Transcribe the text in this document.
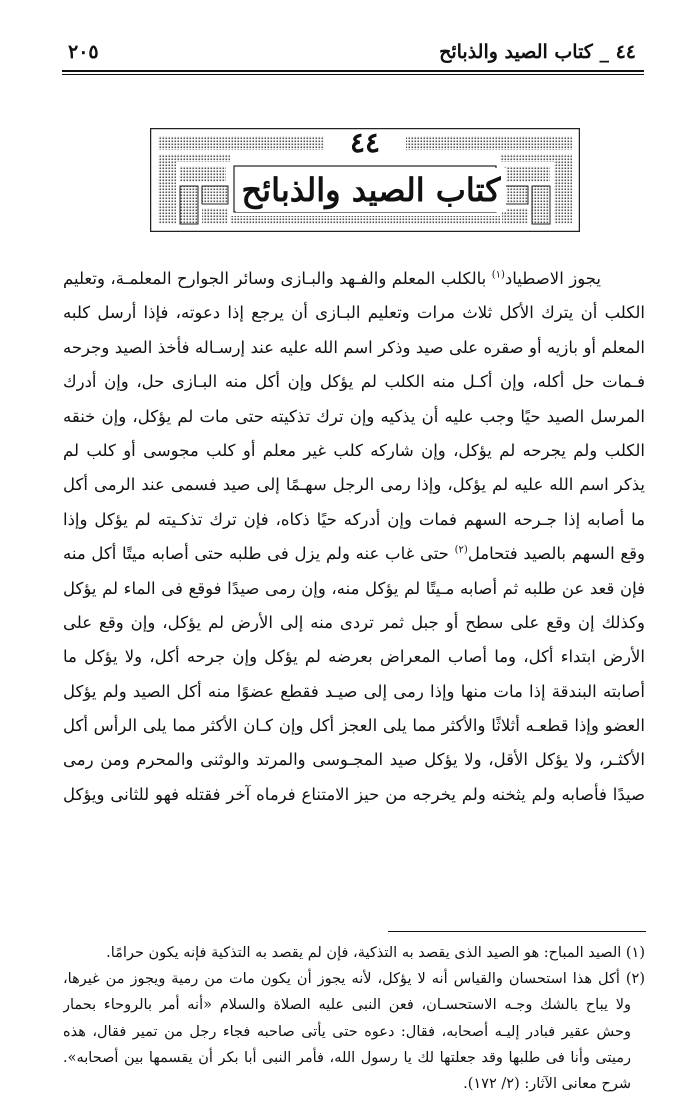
٤٤ _ كتاب الصيد والذبائح
٢٠٥
٤٤
كتاب الصيد والذبائح
يجوز الاصطياد$^{(١)}$ بالكلب المعلم والفـهد والبـازى وسائر الجوارح المعلمـة، وتعليم
الكلب أن يترك الأكل ثلاث مرات وتعليم البـازى أن يرجع إذا دعوته، فإذا أرسل كلبه
المعلم أو بازيه أو صقره على صيد وذكر اسم الله عليه عند إرسـاله فأخذ الصيد وجرحه
فـمات حل أكله، وإن أكـل منه الكلب لم يؤكل وإن أكل منه البـازى حل، وإن أدرك
المرسل الصيد حيًا وجب عليه أن يذكيه وإن ترك تذكيته حتى مات لم يؤكل، وإن خنقه
الكلب ولم يجرحه لم يؤكل، وإن شاركه كلب غير معلم أو كلب مجوسى أو كلب لم
يذكر اسم الله عليه لم يؤكل، وإذا رمى الرجل سهـمًا إلى صيد فسمى عند الرمى أكل
ما أصابه إذا جـرحه السهم فمات وإن أدركه حيًا ذكاه، فإن ترك تذكـيته لم يؤكل وإذا
وقع السهم بالصيد فتحامل$^{(٢)}$ حتى غاب عنه ولم يزل فى طلبه حتى أصابه ميتًا أكل منه
فإن قعد عن طلبه ثم أصابه مـيتًا لم يؤكل منه، وإن رمى صيدًا فوقع فى الماء لم يؤكل
وكذلك إن وقع على سطح أو جبل ثمر تردى منه إلى الأرض لم يؤكل، وإن وقع على
الأرض ابتداء أكل، وما أصاب المعراض بعرضه لم يؤكل وإن جرحه أكل، ولا يؤكل ما
أصابته البندقة إذا مات منها وإذا رمى إلى صيـد فقطع عضوًا منه أكل الصيد ولم يؤكل
العضو وإذا قطعـه أثلاثًا والأكثر مما يلى العجز أكل وإن كـان الأكثر مما يلى الرأس أكل
الأكثـر، ولا يؤكل الأقل، ولا يؤكل صيد المجـوسى والمرتد والوثنى والمحرم ومن رمى
صيدًا فأصابه ولم يثخنه ولم يخرجه من حيز الامتناع فرماه آخر فقتله فهو للثانى ويؤكل
(١) الصيد المباح: هو الصيد الذى يقصد به التذكية، فإن لم يقصد به التذكية فإنه يكون حرامًا.
(٢) أكل هذا استحسان والقياس أنه لا يؤكل، لأنه يجوز أن يكون مات من رمية ويجوز من غيرها،
ولا يباح بالشك وجـه الاستحسـان، فعن النبى عليه الصلاة والسلام «أنه أمر بالروحاء بحمار
وحش عقير فبادر إليـه أصحابه، فقال: دعوه حتى يأتى صاحبه فجاء رجل من تمير فقال، هذه
رميتى وأنا فى طلبها وقد جعلتها لك يا رسول الله، فأمر النبى أبا بكر أن يقسمها بين أصحابه».
شرح معانى الآثار: (٢/ ١٧٢).
